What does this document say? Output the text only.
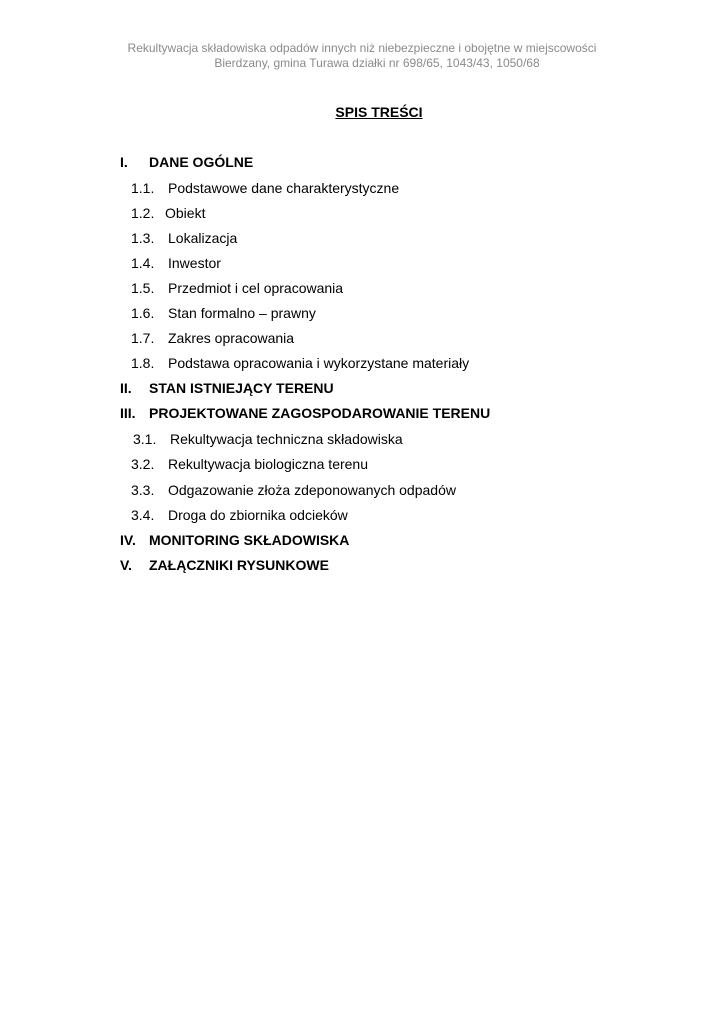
Rekultywacja składowiska odpadów innych niż niebezpieczne i obojętne w miejscowości
Bierdzany, gmina Turawa działki nr 698/65, 1043/43, 1050/68
SPIS TREŚCI
I. DANE OGÓLNE
1.1. Podstawowe dane charakterystyczne
1.2. Obiekt
1.3. Lokalizacja
1.4. Inwestor
1.5. Przedmiot i cel opracowania
1.6. Stan formalno – prawny
1.7. Zakres opracowania
1.8. Podstawa opracowania i wykorzystane materiały
II. STAN ISTNIEJĄCY TERENU
III. PROJEKTOWANE ZAGOSPODAROWANIE TERENU
3.1. Rekultywacja techniczna składowiska
3.2. Rekultywacja biologiczna terenu
3.3. Odgazowanie złoża zdeponowanych odpadów
3.4. Droga do zbiornika odcieków
IV. MONITORING SKŁADOWISKA
V. ZAŁĄCZNIKI RYSUNKOWE
